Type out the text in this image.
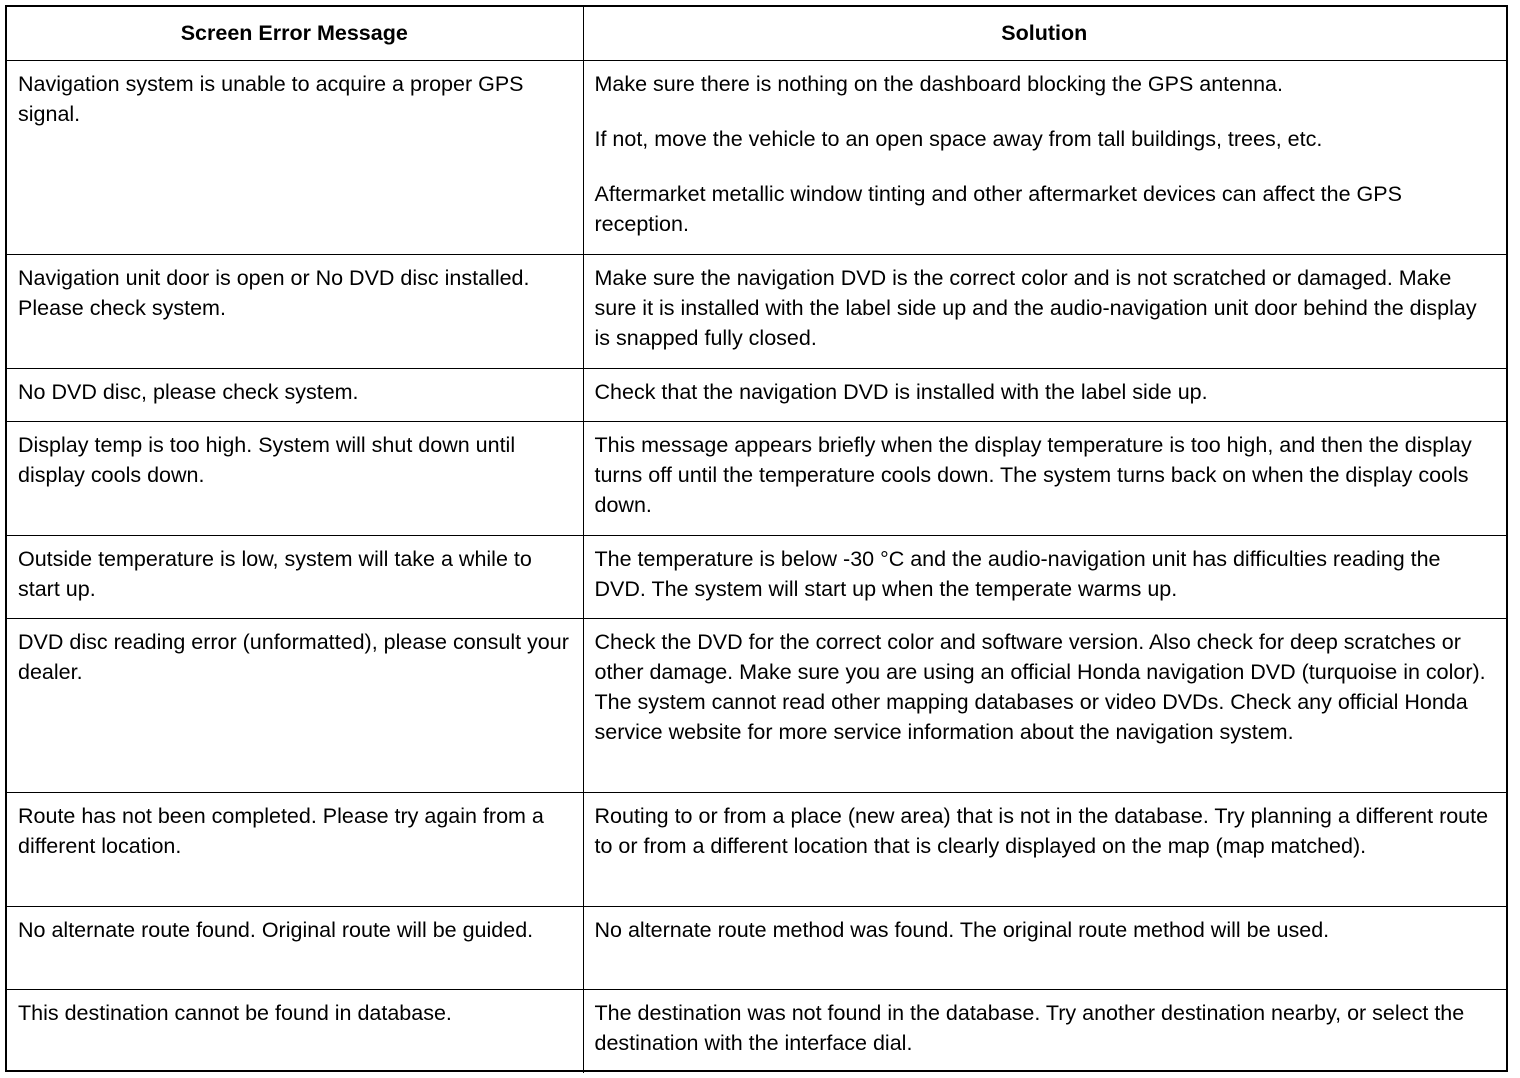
Screen Error Message	Solution
Navigation system is unable to acquire a proper GPS signal.	Make sure there is nothing on the dashboard blocking the GPS antenna.

If not, move the vehicle to an open space away from tall buildings, trees, etc.

Aftermarket metallic window tinting and other aftermarket devices can affect the GPS reception.

Navigation unit door is open or No DVD disc installed. Please check system.	Make sure the navigation DVD is the correct color and is not scratched or damaged. Make sure it is installed with the label side up and the audio-navigation unit door behind the display is snapped fully closed.

No DVD disc, please check system.	Check that the navigation DVD is installed with the label side up.

Display temp is too high. System will shut down until display cools down.	This message appears briefly when the display temperature is too high, and then the display turns off until the temperature cools down. The system turns back on when the display cools down.

Outside temperature is low, system will take a while to start up.	The temperature is below -30 °C and the audio-navigation unit has difficulties reading the DVD. The system will start up when the temperate warms up.

DVD disc reading error (unformatted), please consult your dealer.	Check the DVD for the correct color and software version. Also check for deep scratches or other damage. Make sure you are using an official Honda navigation DVD (turquoise in color). The system cannot read other mapping databases or video DVDs. Check any official Honda service website for more service information about the navigation system.

Route has not been completed. Please try again from a different location.	Routing to or from a place (new area) that is not in the database. Try planning a different route to or from a different location that is clearly displayed on the map (map matched).

No alternate route found. Original route will be guided.	No alternate route method was found. The original route method will be used.

This destination cannot be found in database.	The destination was not found in the database. Try another destination nearby, or select the destination with the interface dial.
